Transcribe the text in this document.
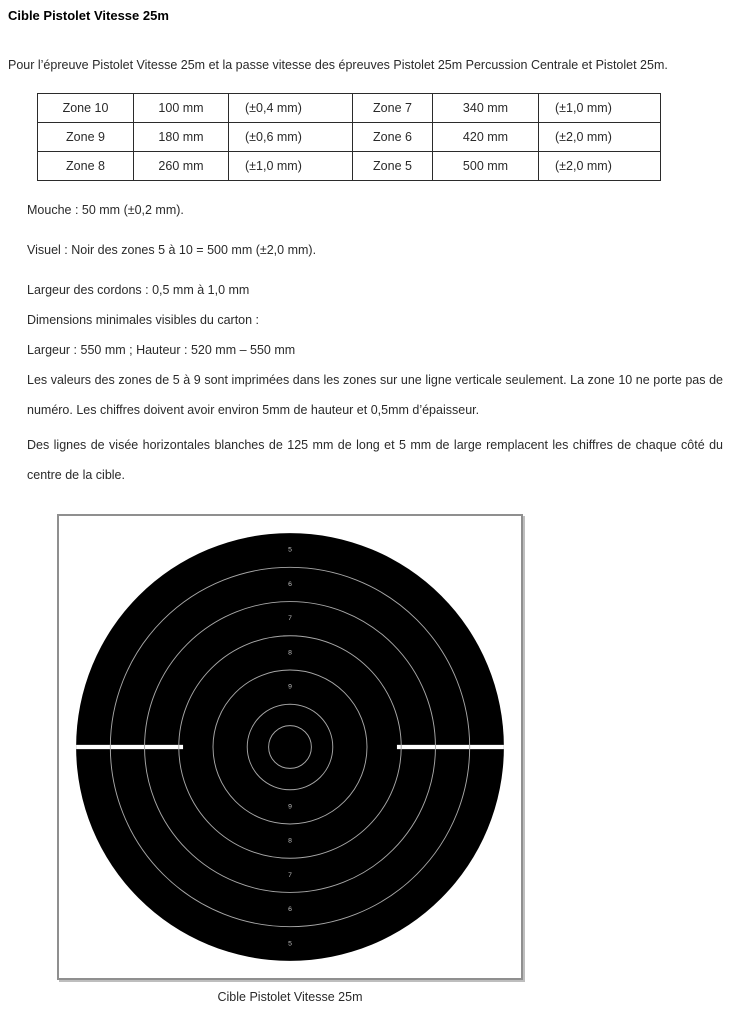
Cible Pistolet Vitesse 25m

Pour l’épreuve Pistolet Vitesse 25m et la passe vitesse des épreuves Pistolet 25m Percussion Centrale et Pistolet 25m.

Zone 10	100 mm	(±0,4 mm)	Zone 7	340 mm	(±1,0 mm)
Zone 9	180 mm	(±0,6 mm)	Zone 6	420 mm	(±2,0 mm)
Zone 8	260 mm	(±1,0 mm)	Zone 5	500 mm	(±2,0 mm)

Mouche : 50 mm (±0,2 mm).

Visuel : Noir des zones 5 à 10 = 500 mm (±2,0 mm).

Largeur des cordons : 0,5 mm à 1,0 mm

Dimensions minimales visibles du carton :

Largeur : 550 mm ; Hauteur : 520 mm – 550 mm

Les valeurs des zones de 5 à 9 sont imprimées dans les zones sur une ligne verticale seulement. La zone 10 ne porte pas de numéro. Les chiffres doivent avoir environ 5mm de hauteur et 0,5mm d’épaisseur.

Des lignes de visée horizontales blanches de 125 mm de long et 5 mm de large remplacent les chiffres de chaque côté du centre de la cible.

5
6
7
8
9
9
8
7
6
5
Cible Pistolet Vitesse 25m
